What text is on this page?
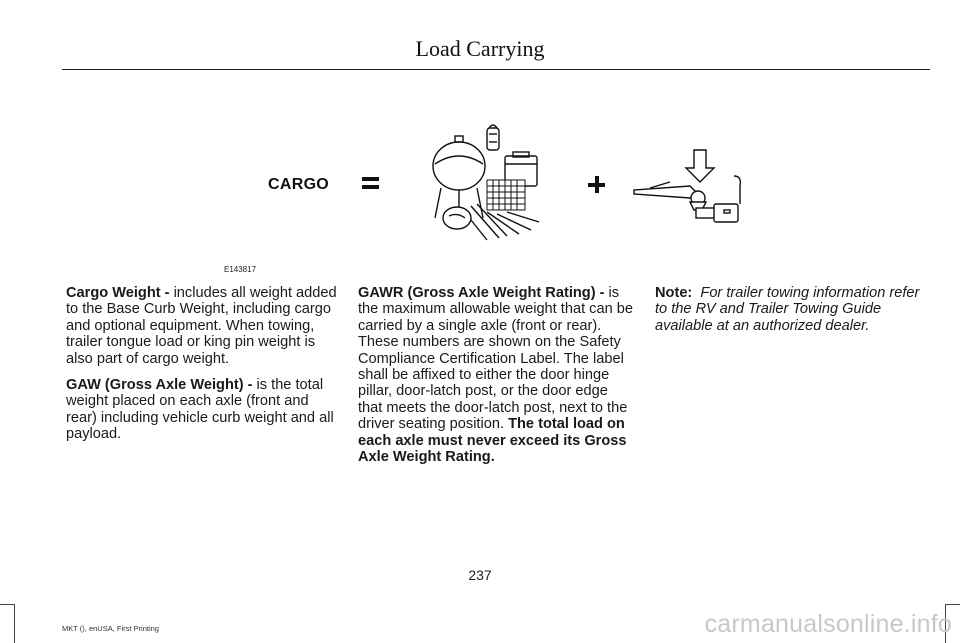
Load Carrying
CARGO
E143817

Cargo Weight - includes all weight added to the Base Curb Weight, including cargo and optional equipment. When towing, trailer tongue load or king pin weight is also part of cargo weight.

GAW (Gross Axle Weight) - is the total weight placed on each axle (front and rear) including vehicle curb weight and all payload.

GAWR (Gross Axle Weight Rating) - is the maximum allowable weight that can be carried by a single axle (front or rear). These numbers are shown on the Safety Compliance Certification Label. The label shall be affixed to either the door hinge pillar, door-latch post, or the door edge that meets the door-latch post, next to the driver seating position. The total load on each axle must never exceed its Gross Axle Weight Rating.

Note: For trailer towing information refer to the RV and Trailer Towing Guide available at an authorized dealer.

237
MKT (), enUSA, First Printing	carmanualsonline.info
